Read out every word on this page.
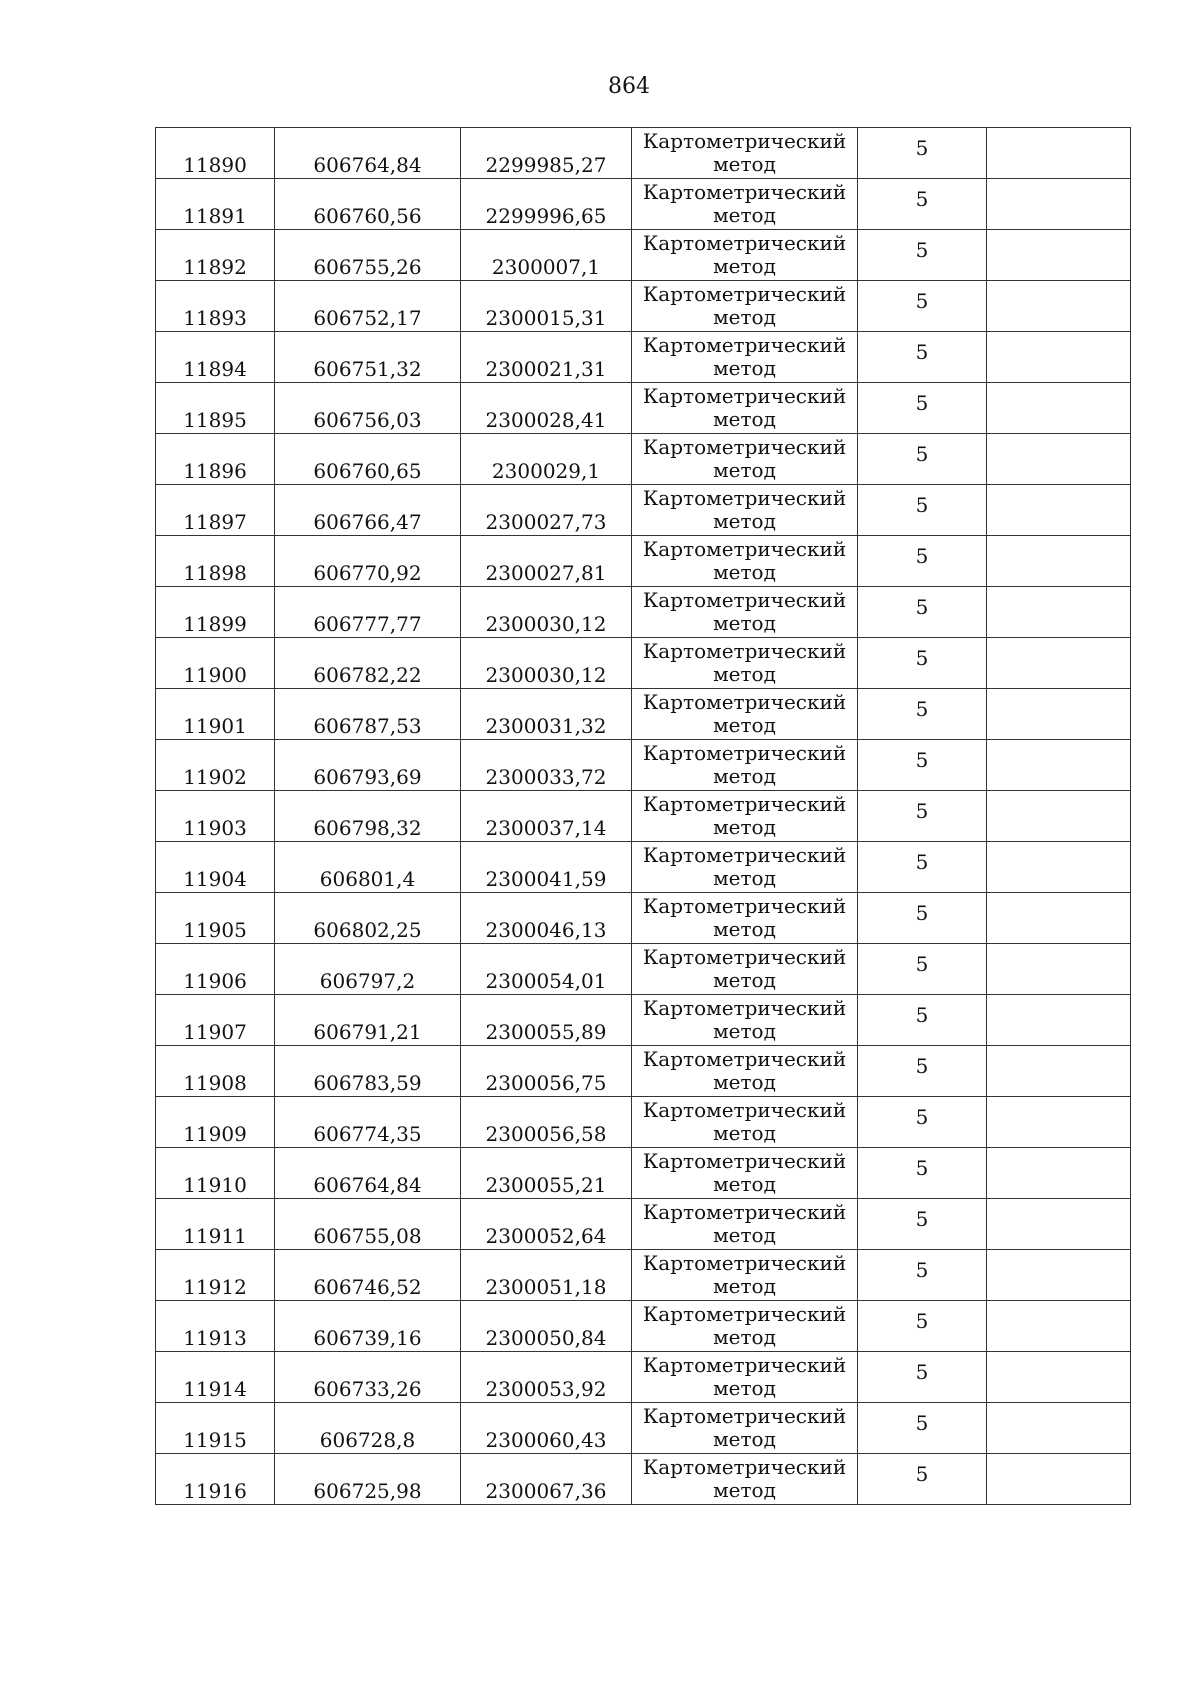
864
11890	606764,84	2299985,27	Картометрический
метод	5	

11891	606760,56	2299996,65	Картометрический
метод	5	

11892	606755,26	2300007,1	Картометрический
метод	5	

11893	606752,17	2300015,31	Картометрический
метод	5	

11894	606751,32	2300021,31	Картометрический
метод	5	

11895	606756,03	2300028,41	Картометрический
метод	5	

11896	606760,65	2300029,1	Картометрический
метод	5	

11897	606766,47	2300027,73	Картометрический
метод	5	

11898	606770,92	2300027,81	Картометрический
метод	5	

11899	606777,77	2300030,12	Картометрический
метод	5	

11900	606782,22	2300030,12	Картометрический
метод	5	

11901	606787,53	2300031,32	Картометрический
метод	5	

11902	606793,69	2300033,72	Картометрический
метод	5	

11903	606798,32	2300037,14	Картометрический
метод	5	

11904	606801,4	2300041,59	Картометрический
метод	5	

11905	606802,25	2300046,13	Картометрический
метод	5	

11906	606797,2	2300054,01	Картометрический
метод	5	

11907	606791,21	2300055,89	Картометрический
метод	5	

11908	606783,59	2300056,75	Картометрический
метод	5	

11909	606774,35	2300056,58	Картометрический
метод	5	

11910	606764,84	2300055,21	Картометрический
метод	5	

11911	606755,08	2300052,64	Картометрический
метод	5	

11912	606746,52	2300051,18	Картометрический
метод	5	

11913	606739,16	2300050,84	Картометрический
метод	5	

11914	606733,26	2300053,92	Картометрический
метод	5	

11915	606728,8	2300060,43	Картометрический
метод	5	

11916	606725,98	2300067,36	Картометрический
метод	5	
